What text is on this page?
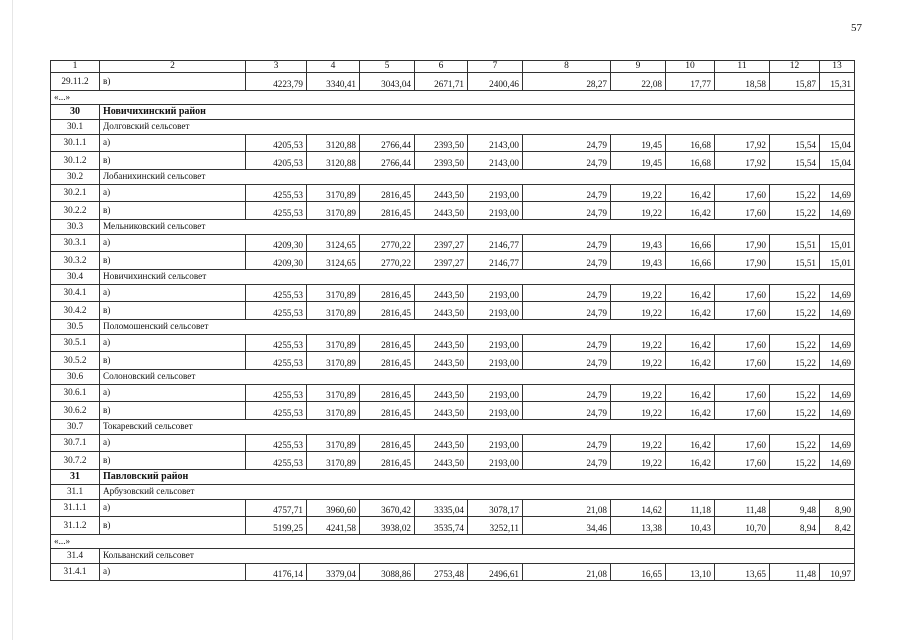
57
1	2	3	4	5	6	7	8	9	10	11	12	13
29.11.2	в)	4223,79	3340,41	3043,04	2671,71	2400,46	28,27	22,08	17,77	18,58	15,87	15,31
«...»												
30	Новичихинский район											
30.1	Долговский сельсовет											
30.1.1	а)	4205,53	3120,88	2766,44	2393,50	2143,00	24,79	19,45	16,68	17,92	15,54	15,04
30.1.2	в)	4205,53	3120,88	2766,44	2393,50	2143,00	24,79	19,45	16,68	17,92	15,54	15,04
30.2	Лобанихинский сельсовет											
30.2.1	а)	4255,53	3170,89	2816,45	2443,50	2193,00	24,79	19,22	16,42	17,60	15,22	14,69
30.2.2	в)	4255,53	3170,89	2816,45	2443,50	2193,00	24,79	19,22	16,42	17,60	15,22	14,69
30.3	Мельниковский сельсовет											
30.3.1	а)	4209,30	3124,65	2770,22	2397,27	2146,77	24,79	19,43	16,66	17,90	15,51	15,01
30.3.2	в)	4209,30	3124,65	2770,22	2397,27	2146,77	24,79	19,43	16,66	17,90	15,51	15,01
30.4	Новичихинский сельсовет											
30.4.1	а)	4255,53	3170,89	2816,45	2443,50	2193,00	24,79	19,22	16,42	17,60	15,22	14,69
30.4.2	в)	4255,53	3170,89	2816,45	2443,50	2193,00	24,79	19,22	16,42	17,60	15,22	14,69
30.5	Поломошенский сельсовет											
30.5.1	а)	4255,53	3170,89	2816,45	2443,50	2193,00	24,79	19,22	16,42	17,60	15,22	14,69
30.5.2	в)	4255,53	3170,89	2816,45	2443,50	2193,00	24,79	19,22	16,42	17,60	15,22	14,69
30.6	Солоновский сельсовет											
30.6.1	а)	4255,53	3170,89	2816,45	2443,50	2193,00	24,79	19,22	16,42	17,60	15,22	14,69
30.6.2	в)	4255,53	3170,89	2816,45	2443,50	2193,00	24,79	19,22	16,42	17,60	15,22	14,69
30.7	Токаревский сельсовет											
30.7.1	а)	4255,53	3170,89	2816,45	2443,50	2193,00	24,79	19,22	16,42	17,60	15,22	14,69
30.7.2	в)	4255,53	3170,89	2816,45	2443,50	2193,00	24,79	19,22	16,42	17,60	15,22	14,69
31	Павловский район											
31.1	Арбузовский сельсовет											
31.1.1	а)	4757,71	3960,60	3670,42	3335,04	3078,17	21,08	14,62	11,18	11,48	9,48	8,90
31.1.2	в)	5199,25	4241,58	3938,02	3535,74	3252,11	34,46	13,38	10,43	10,70	8,94	8,42
«...»												
31.4	Кольванский сельсовет											
31.4.1	а)	4176,14	3379,04	3088,86	2753,48	2496,61	21,08	16,65	13,10	13,65	11,48	10,97
